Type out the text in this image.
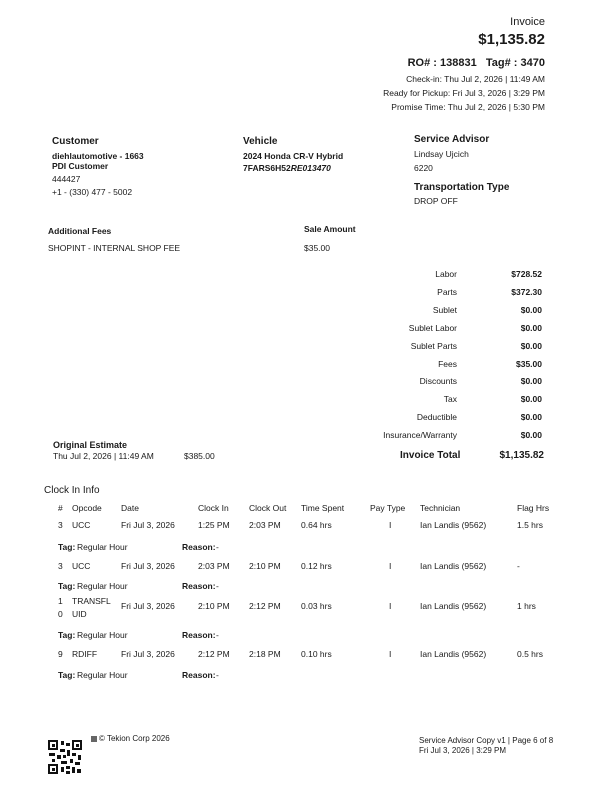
Invoice
$1,135.82
RO# : 138831 Tag# : 3470
Check-in: Thu Jul 2, 2026 | 11:49 AM
Ready for Pickup: Fri Jul 3, 2026 | 3:29 PM
Promise Time: Thu Jul 2, 2026 | 5:30 PM
Customer
diehlautomotive - 1663
PDI Customer
444427
+1 - (330) 477 - 5002
Vehicle
2024 Honda CR-V Hybrid
7FARS6H52RE013470
Service Advisor
Lindsay Ujcich
6220
Transportation Type
DROP OFF
Additional Fees	Sale Amount
SHOPINT - INTERNAL SHOP FEE	$35.00
Labor	$728.52
Parts	$372.30
Sublet	$0.00
Sublet Labor	$0.00
Sublet Parts	$0.00
Fees	$35.00
Discounts	$0.00
Tax	$0.00
Deductible	$0.00
Insurance/Warranty	$0.00
Invoice Total	$1,135.82
Original Estimate
Thu Jul 2, 2026 | 11:49 AM	$385.00
Clock In Info
# Opcode Date	Clock In Clock Out Time Spent	Pay Type Technician	Flag Hrs
3 UCC	Fri Jul 3, 2026	1:25 PM 2:03 PM 0.64 hrs	I	Ian Landis (9562)	1.5 hrs
Tag: Regular Hour	Reason: -
3 UCC	Fri Jul 3, 2026	2:03 PM 2:10 PM 0.12 hrs	I	Ian Landis (9562)	-
Tag: Regular Hour	Reason: -
1 TRANSFL Fri Jul 3, 2026	2:10 PM 2:12 PM 0.03 hrs	I	Ian Landis (9562)	1 hrs
0 UID
Tag: Regular Hour	Reason: -
9 RDIFF	Fri Jul 3, 2026	2:12 PM 2:18 PM 0.10 hrs	I	Ian Landis (9562)	0.5 hrs
Tag: Regular Hour	Reason: -
© Tekion Corp 2026	Service Advisor Copy v1 | Page 6 of 8
Fri Jul 3, 2026 | 3:29 PM
